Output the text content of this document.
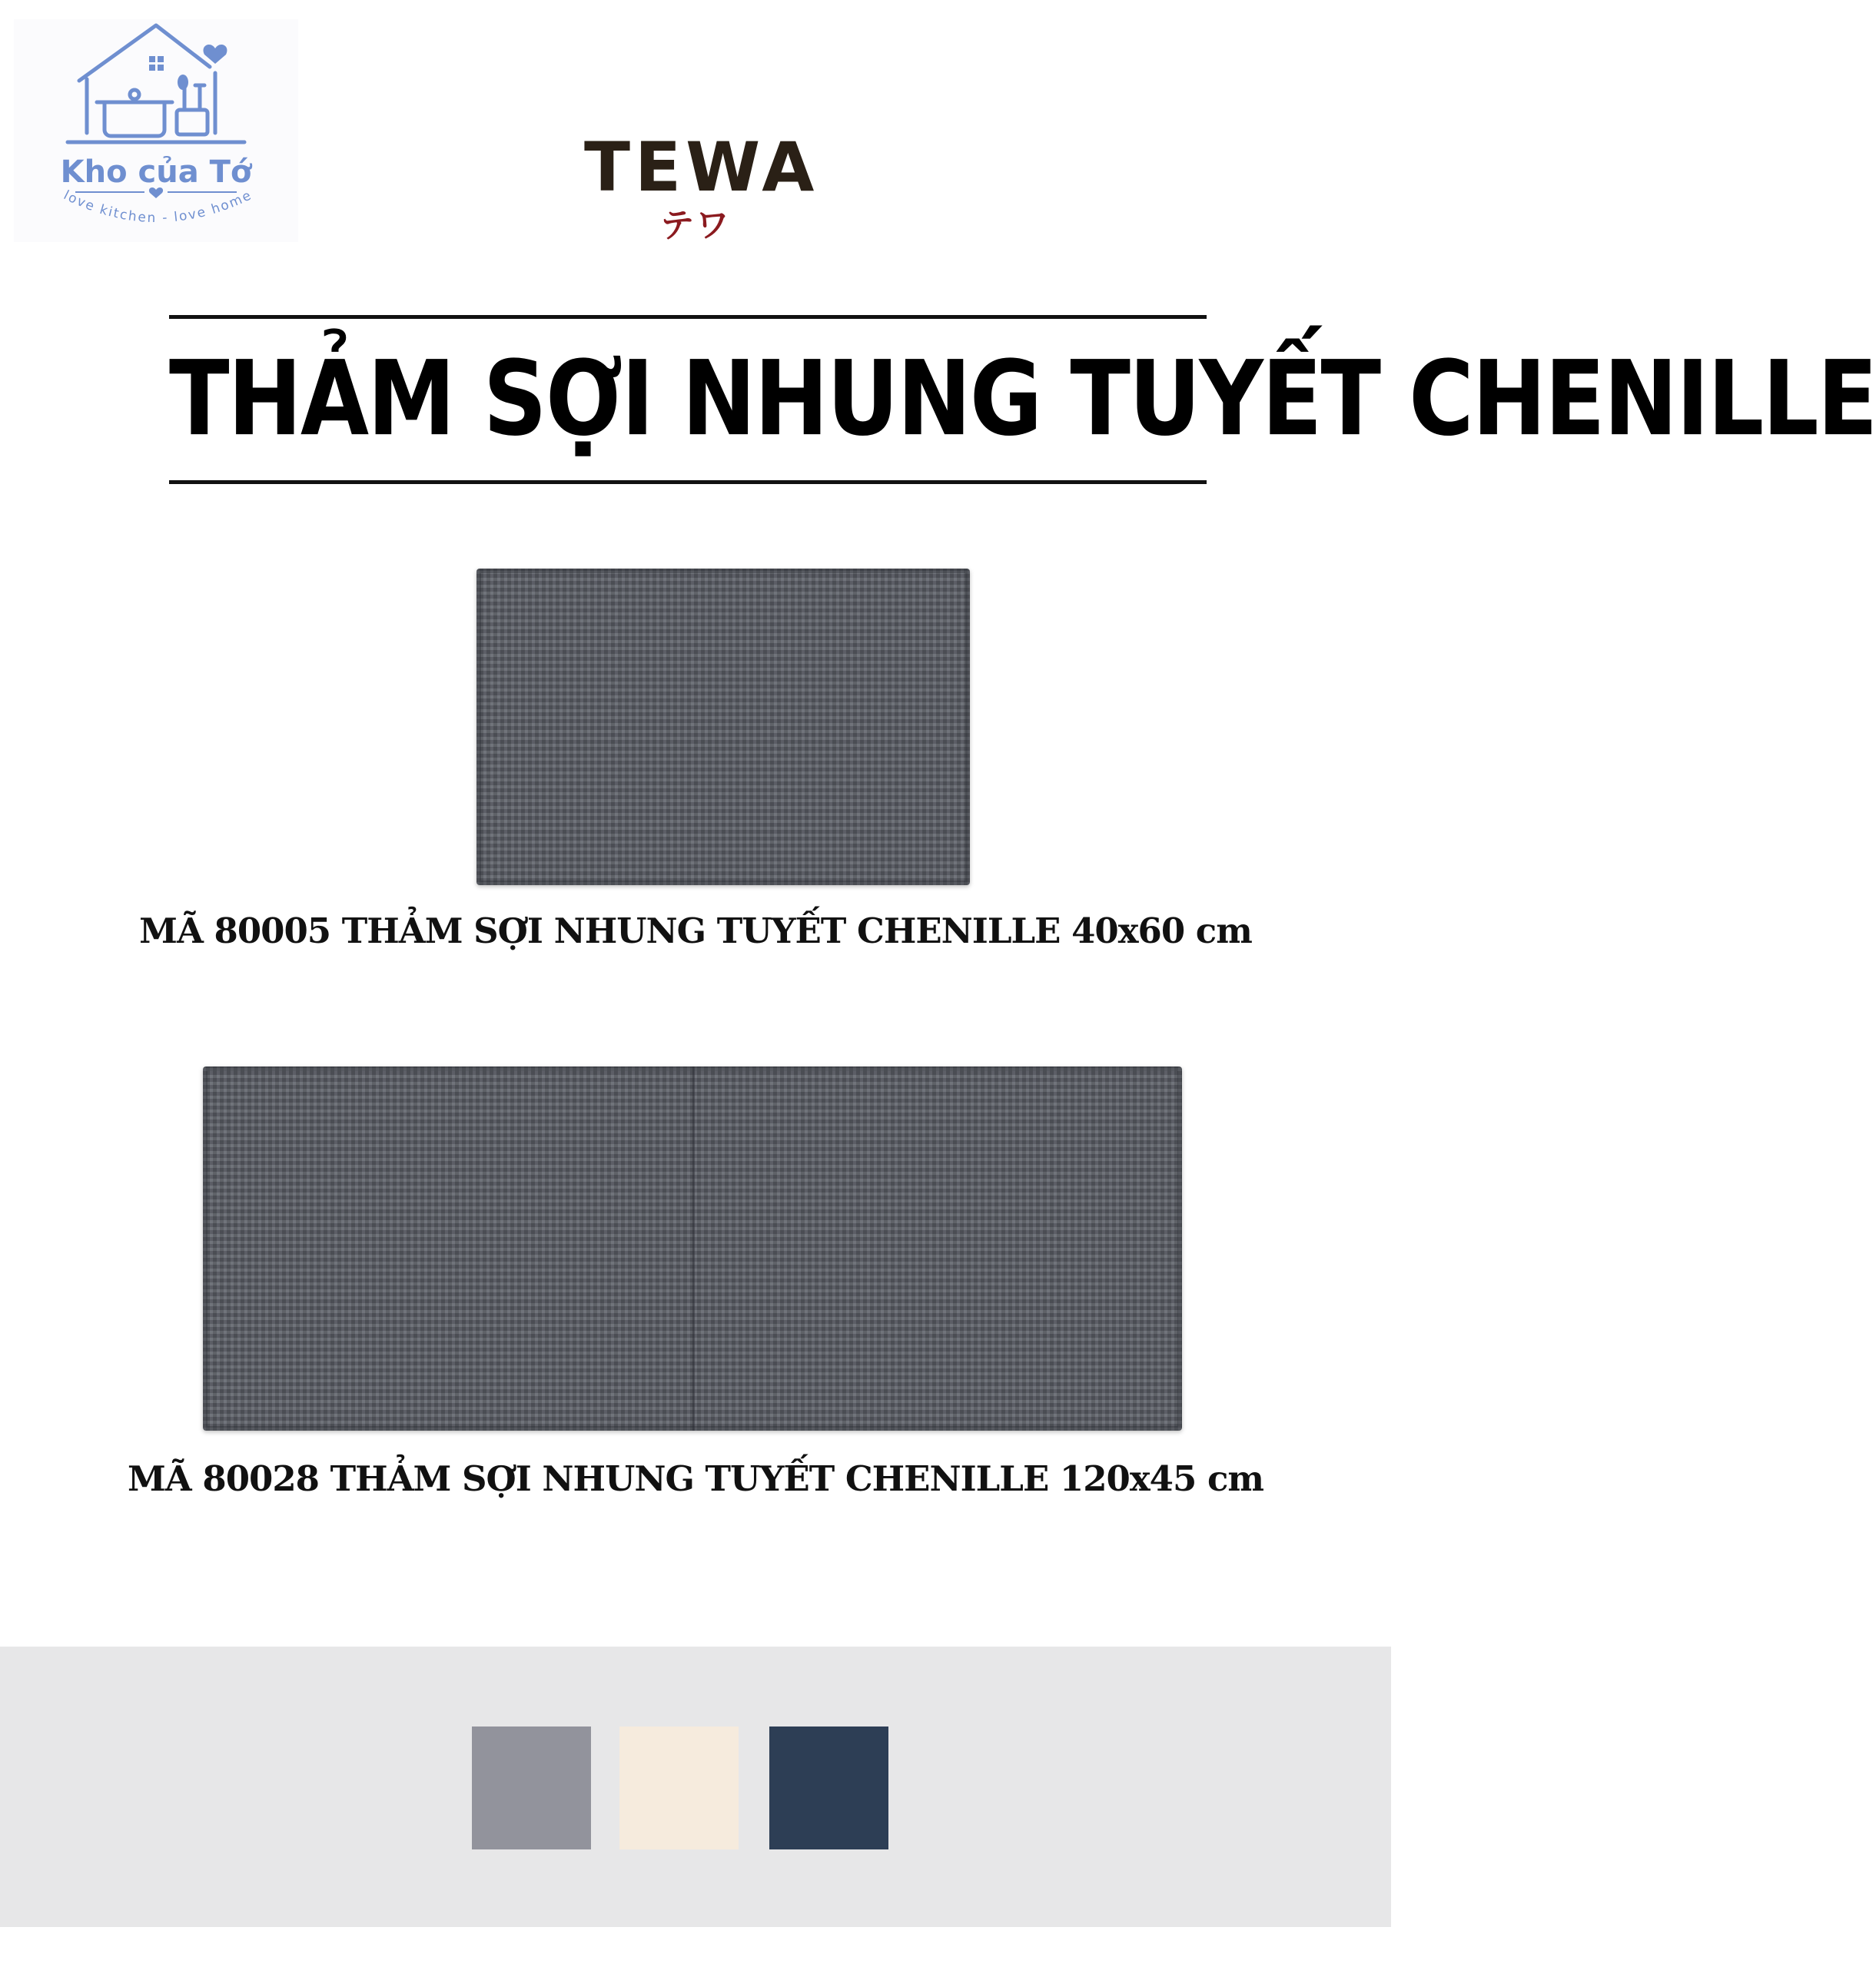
Kho của Tớ
love kitchen - love home	TEWA
テワ
THẢM SỢI NHUNG TUYẾT CHENILLE
MÃ 80005 THẢM SỢI NHUNG TUYẾT CHENILLE 40x60 cm
MÃ 80028 THẢM SỢI NHUNG TUYẾT CHENILLE 120x45 cm
